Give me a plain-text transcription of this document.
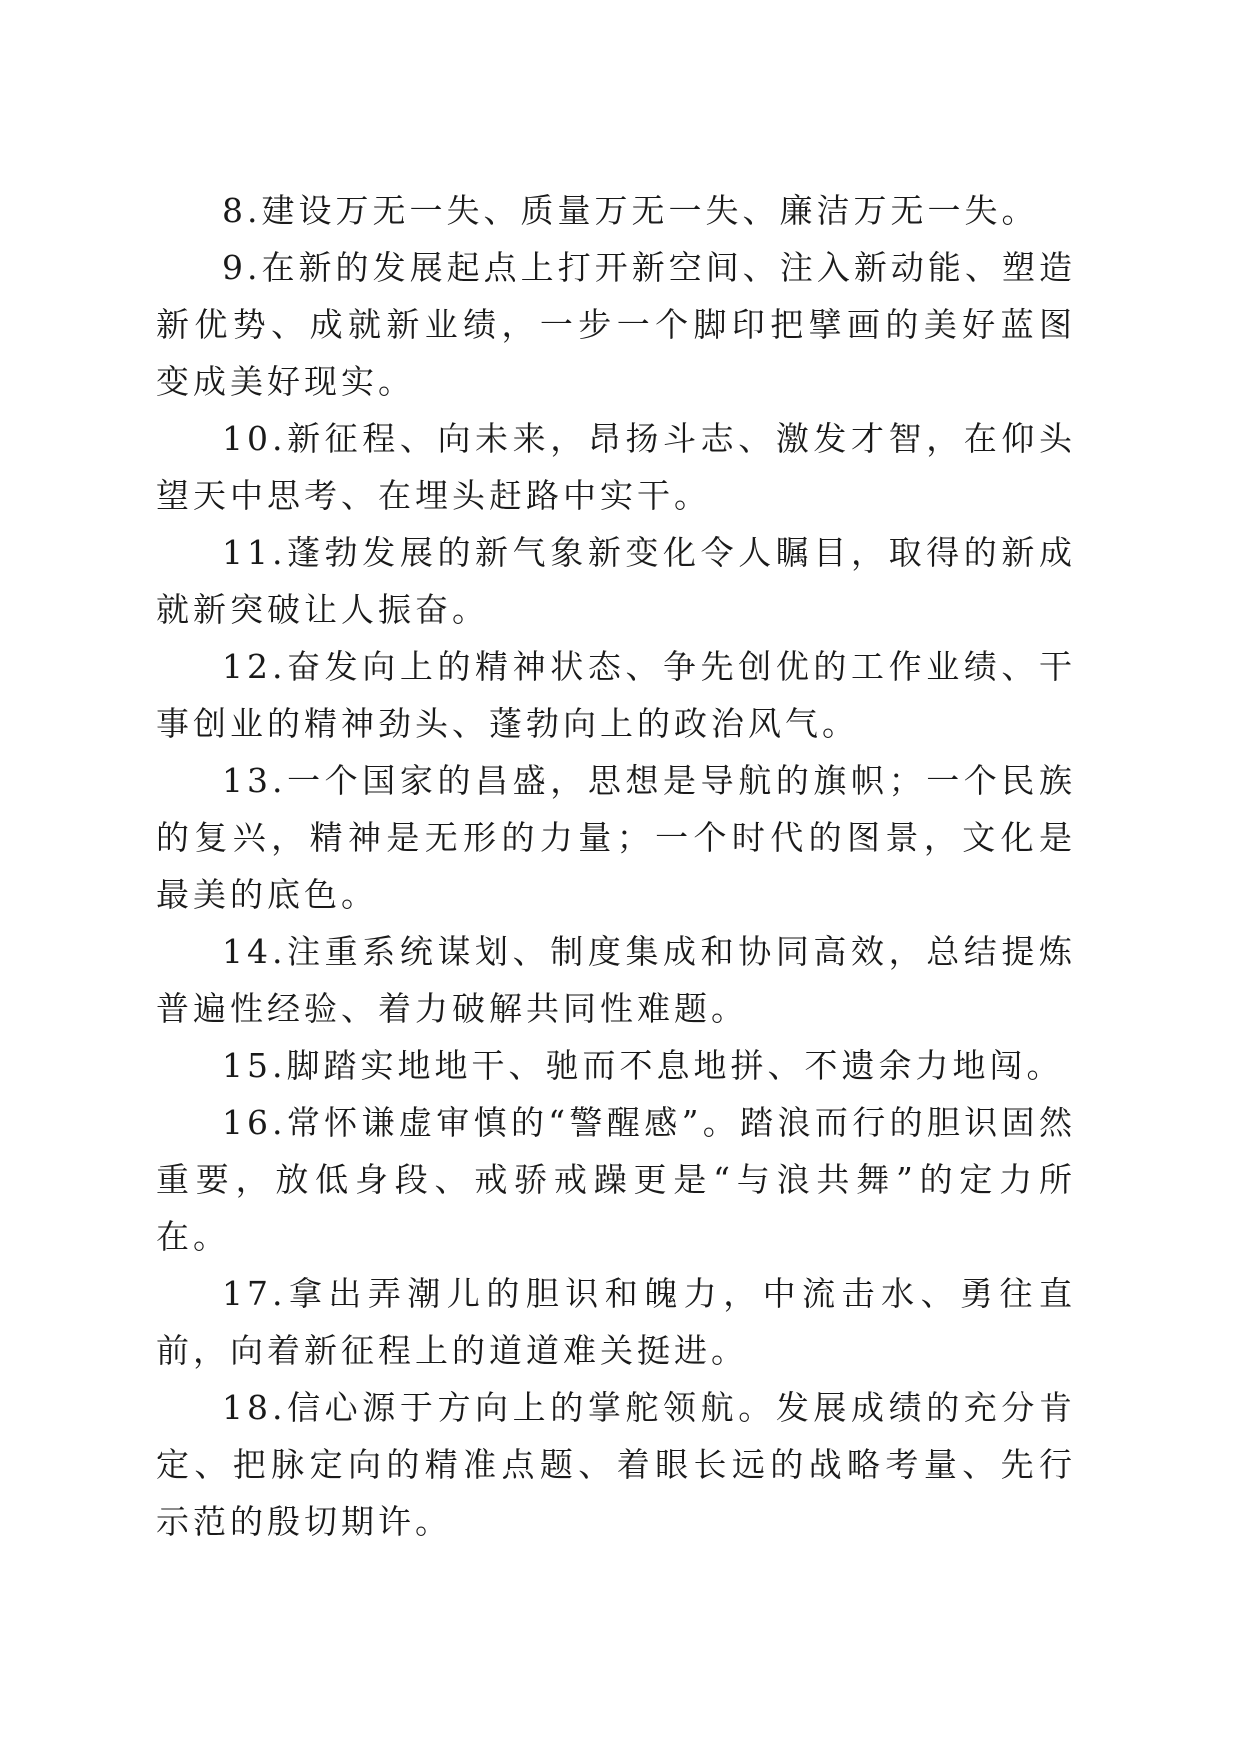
8.建设万无一失、质量万无一失、廉洁万无一失。

9.在新的发展起点上打开新空间、注入新动能、塑造新优势、成就新业绩，一步一个脚印把擘画的美好蓝图变成美好现实。

10.新征程、向未来，昂扬斗志、激发才智，在仰头望天中思考、在埋头赶路中实干。

11.蓬勃发展的新气象新变化令人瞩目，取得的新成就新突破让人振奋。

12.奋发向上的精神状态、争先创优的工作业绩、干事创业的精神劲头、蓬勃向上的政治风气。

13.一个国家的昌盛，思想是导航的旗帜；一个民族的复兴，精神是无形的力量；一个时代的图景，文化是最美的底色。

14.注重系统谋划、制度集成和协同高效，总结提炼普遍性经验、着力破解共同性难题。

15.脚踏实地地干、驰而不息地拼、不遗余力地闯。

16.常怀谦虚审慎的“警醒感”。踏浪而行的胆识固然重要，放低身段、戒骄戒躁更是“与浪共舞”的定力所在。

17.拿出弄潮儿的胆识和魄力，中流击水、勇往直前，向着新征程上的道道难关挺进。

18.信心源于方向上的掌舵领航。发展成绩的充分肯定、把脉定向的精准点题、着眼长远的战略考量、先行示范的殷切期许。
